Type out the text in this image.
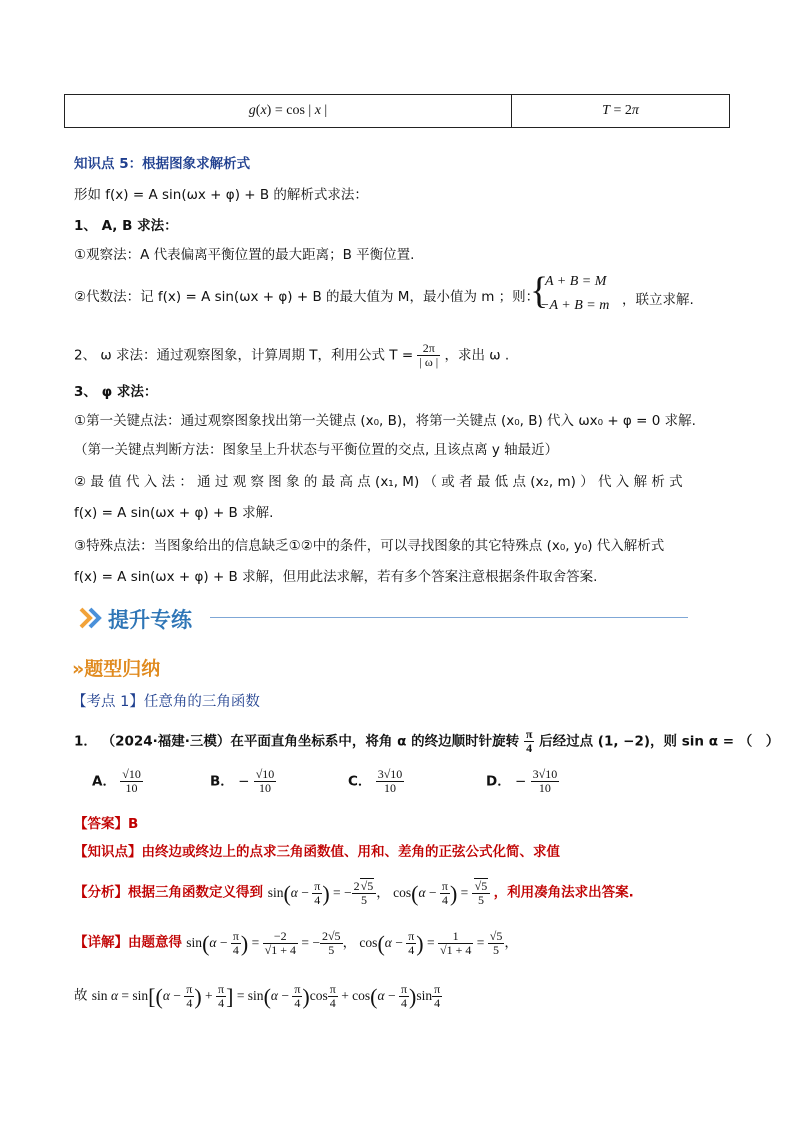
g(x) = cos | x |	T = 2π
知识点 5：根据图象求解析式
形如 f(x) = A sin(ωx + φ) + B 的解析式求法：
1、 A, B 求法：
①观察法：A 代表偏离平衡位置的最大距离；B 平衡位置.
②代数法：记 f(x) = A sin(ωx + φ) + B 的最大值为 M，最小值为 m ；则：
{
A + B = M
−A + B = m ，联立求解.
2、 ω 求法：通过观察图象，计算周期 T，利用公式 $T = \frac{2\pi}{| \omega |}$ ，求出 ω .
3、 φ 求法：
①第一关键点法：通过观察图象找出第一关键点 (x₀, B)，将第一关键点 (x₀, B) 代入 ωx₀ + φ = 0 求解.
（第一关键点判断方法：图象呈上升状态与平衡位置的交点, 且该点离 y 轴最近）
② 最 值 代 入 法 ： 通 过 观 察 图 象 的 最 高 点 (x₁, M) （ 或 者 最 低 点 (x₂, m) ） 代 入 解 析 式
f(x) = A sin(ωx + φ) + B 求解.
③特殊点法：当图象给出的信息缺乏①②中的条件，可以寻找图象的其它特殊点 (x₀, y₀) 代入解析式
f(x) = A sin(ωx + φ) + B 求解，但用此法求解，若有多个答案注意根据条件取舍答案.
提升专练
»题型归纳
【考点 1】任意角的三角函数
1． （2024·福建·三模）在平面直角坐标系中，将角 α 的终边顺时针旋转 $\frac{\pi}{4}$ 后经过点 (1, −2)，则 sin α = （　）
A． $\frac{√10}{10}$	B． − $\frac{√10}{10}$	C． $\frac{3√10}{10}$	D． − $\frac{3√10}{10}$
【答案】B
【知识点】由终边或终边上的点求三角函数值、用和、差角的正弦公式化简、求值
【分析】根据三角函数定义得到 $\sin(\alpha - \frac{\pi}{4}$ ) = − $\frac{2√5}{5}$ ， $\cos(\alpha - \frac{\pi}{4}$ ) = $\frac{√5}{5}$ ，利用凑角法求出答案.
【详解】由题意得 $\sin(\alpha - \frac{\pi}{4}$ ) = $\frac{-2}{√1 + 4}$ = − $\frac{2√5}{5}$ ， $\cos(\alpha - \frac{\pi}{4}$ ) = $\frac{1}{√1 + 4} = \frac{√5}{5}$ ，
故 $\sin \alpha = \sin[(\alpha - \frac{\pi}{4}$ ) + $\frac{\pi}{4}$ ] = $\sin(\alpha - \frac{\pi}{4} )\cos \frac{\pi}{4} + \cos(\alpha - \frac{\pi}{4} )\sin \frac{\pi}{4}$
